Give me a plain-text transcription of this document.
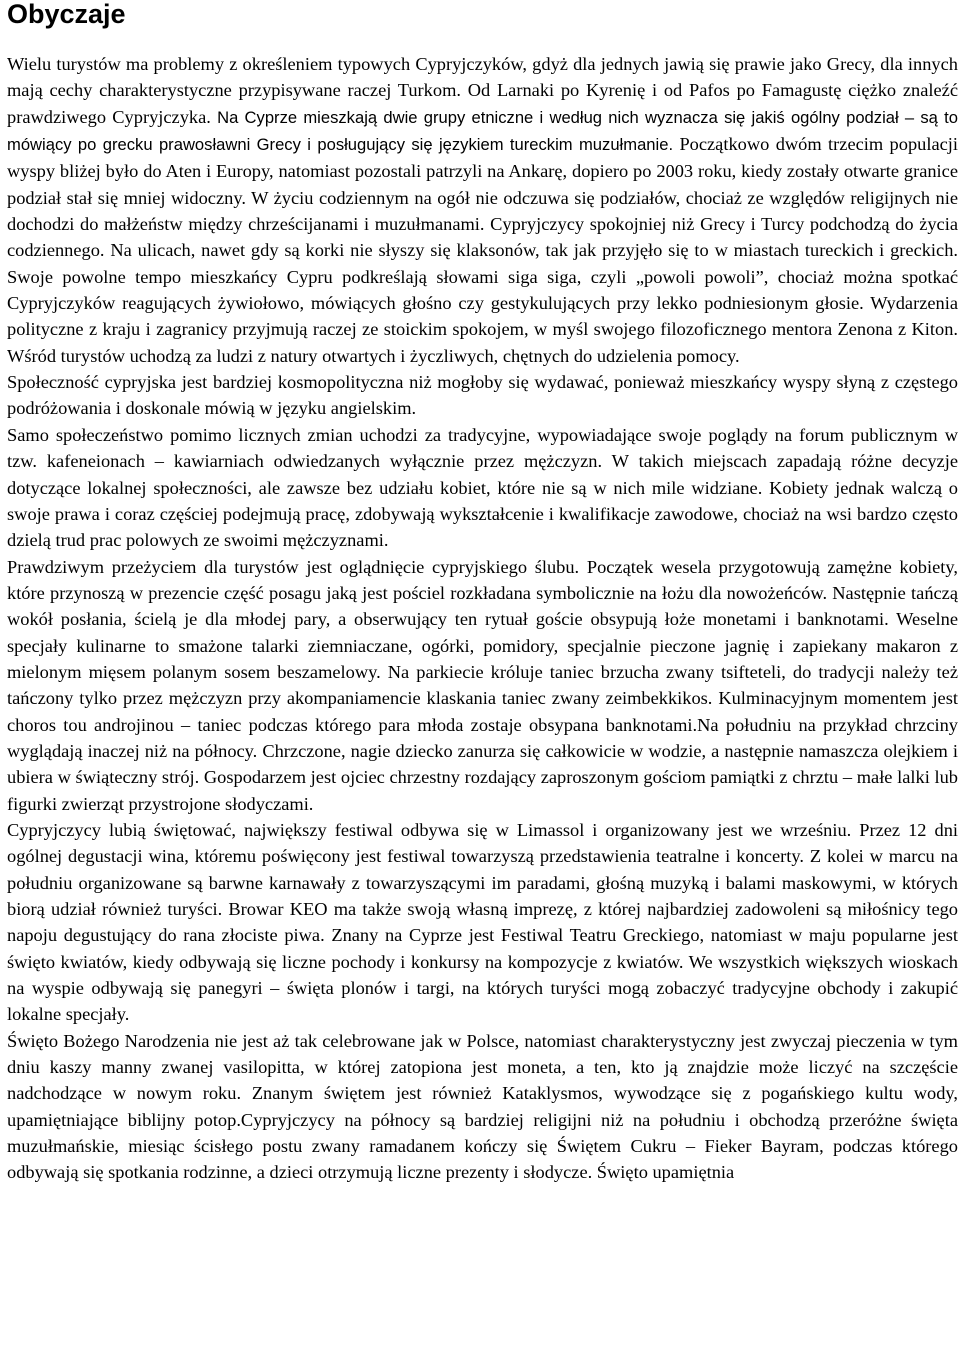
Obyczaje

Wielu turystów ma problemy z określeniem typowych Cypryjczyków, gdyż dla jednych jawią się prawie jako Grecy, dla innych mają cechy charakterystyczne przypisywane raczej Turkom. Od Larnaki po Kyrenię i od Pafos po Famagustę ciężko znaleźć prawdziwego Cypryjczyka. Na Cyprze mieszkają dwie grupy etniczne i według nich wyznacza się jakiś ogólny podział – są to mówiący po grecku prawosławni Grecy i posługujący się językiem tureckim muzułmanie. Początkowo dwóm trzecim populacji wyspy bliżej było do Aten i Europy, natomiast pozostali patrzyli na Ankarę, dopiero po 2003 roku, kiedy zostały otwarte granice podział stał się mniej widoczny. W życiu codziennym na ogół nie odczuwa się podziałów, chociaż ze względów religijnych nie dochodzi do małżeństw między chrześcijanami i muzułmanami. Cypryjczycy spokojniej niż Grecy i Turcy podchodzą do życia codziennego. Na ulicach, nawet gdy są korki nie słyszy się klaksonów, tak jak przyjęło się to w miastach tureckich i greckich. Swoje powolne tempo mieszkańcy Cypru podkreślają słowami siga siga, czyli „powoli powoli”, chociaż można spotkać Cypryjczyków reagujących żywiołowo, mówiących głośno czy gestykulujących przy lekko podniesionym głosie. Wydarzenia polityczne z kraju i zagranicy przyjmują raczej ze stoickim spokojem, w myśl swojego filozoficznego mentora Zenona z Kiton. Wśród turystów uchodzą za ludzi z natury otwartych i życzliwych, chętnych do udzielenia pomocy.

Społeczność cypryjska jest bardziej kosmopolityczna niż mogłoby się wydawać, ponieważ mieszkańcy wyspy słyną z częstego podróżowania i doskonale mówią w języku angielskim.

Samo społeczeństwo pomimo licznych zmian uchodzi za tradycyjne, wypowiadające swoje poglądy na forum publicznym w tzw. kafeneionach – kawiarniach odwiedzanych wyłącznie przez mężczyzn. W takich miejscach zapadają różne decyzje dotyczące lokalnej społeczności, ale zawsze bez udziału kobiet, które nie są w nich mile widziane. Kobiety jednak walczą o swoje prawa i coraz częściej podejmują pracę, zdobywają wykształcenie i kwalifikacje zawodowe, chociaż na wsi bardzo często dzielą trud prac polowych ze swoimi mężczyznami.

Prawdziwym przeżyciem dla turystów jest oglądnięcie cypryjskiego ślubu. Początek wesela przygotowują zamężne kobiety, które przynoszą w prezencie część posagu jaką jest pościel rozkładana symbolicznie na łożu dla nowożeńców. Następnie tańczą wokół posłania, ścielą je dla młodej pary, a obserwujący ten rytuał goście obsypują łoże monetami i banknotami. Weselne specjały kulinarne to smażone talarki ziemniaczane, ogórki, pomidory, specjalnie pieczone jagnię i zapiekany makaron z mielonym mięsem polanym sosem beszamelowy. Na parkiecie króluje taniec brzucha zwany tsifteteli, do tradycji należy też tańczony tylko przez mężczyzn przy akompaniamencie klaskania taniec zwany zeimbekkikos. Kulminacyjnym momentem jest choros tou androjinou – taniec podczas którego para młoda zostaje obsypana banknotami.Na południu na przykład chrzciny wyglądają inaczej niż na północy. Chrzczone, nagie dziecko zanurza się całkowicie w wodzie, a następnie namaszcza olejkiem i ubiera w świąteczny strój. Gospodarzem jest ojciec chrzestny rozdający zaproszonym gościom pamiątki z chrztu – małe lalki lub figurki zwierząt przystrojone słodyczami.

Cypryjczycy lubią świętować, największy festiwal odbywa się w Limassol i organizowany jest we wrześniu. Przez 12 dni ogólnej degustacji wina, któremu poświęcony jest festiwal towarzyszą przedstawienia teatralne i koncerty. Z kolei w marcu na południu organizowane są barwne karnawały z towarzyszącymi im paradami, głośną muzyką i balami maskowymi, w których biorą udział również turyści. Browar KEO ma także swoją własną imprezę, z której najbardziej zadowoleni są miłośnicy tego napoju degustujący do rana złociste piwa. Znany na Cyprze jest Festiwal Teatru Greckiego, natomiast w maju popularne jest święto kwiatów, kiedy odbywają się liczne pochody i konkursy na kompozycje z kwiatów. We wszystkich większych wioskach na wyspie odbywają się panegyri – święta plonów i targi, na których turyści mogą zobaczyć tradycyjne obchody i zakupić lokalne specjały.

Święto Bożego Narodzenia nie jest aż tak celebrowane jak w Polsce, natomiast charakterystyczny jest zwyczaj pieczenia w tym dniu kaszy manny zwanej vasilopitta, w której zatopiona jest moneta, a ten, kto ją znajdzie może liczyć na szczęście nadchodzące w nowym roku. Znanym świętem jest również Kataklysmos, wywodzące się z pogańskiego kultu wody, upamiętniające biblijny potop.Cypryjczycy na północy są bardziej religijni niż na południu i obchodzą przeróżne święta muzułmańskie, miesiąc ścisłego postu zwany ramadanem kończy się Świętem Cukru – Fieker Bayram, podczas którego odbywają się spotkania rodzinne, a dzieci otrzymują liczne prezenty i słodycze. Święto upamiętnia
